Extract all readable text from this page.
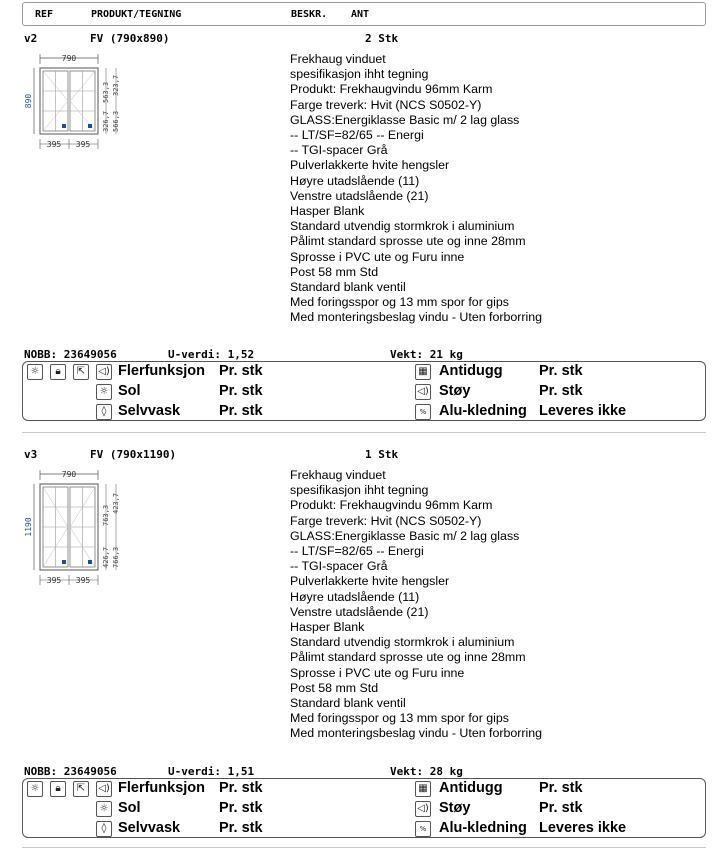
REF	PRODUKT/TEGNING	BESKR. ANT
v2	FV (790x890)	2 Stk
790
890
326,7
563,3
566,3
323,7
395 395
Frekhaug vinduet
spesifikasjon ihht tegning
Produkt: Frekhaugvindu 96mm Karm
Farge treverk: Hvit (NCS S0502-Y)
GLASS:Energiklasse Basic m/ 2 lag glass
-- LT/SF=82/65 -- Energi
-- TGI-spacer Grå
Pulverlakkerte hvite hengsler
Høyre utadslående (11)
Venstre utadslående (21)
Hasper Blank
Standard utvendig stormkrok i aluminium
Pålimt standard sprosse ute og inne 28mm
Sprosse i PVC ute og Furu inne
Post 58 mm Std
Standard blank ventil
Med foringsspor og 13 mm spor for gips
Med monteringsbeslag vindu - Uten forborring
NOBB: 23649056	U-verdi: 1,52	Vekt: 21 kg
☼	🔒︎	⇱	◁) Flerfunksjon Pr. stk	▦ Antidugg	Pr. stk
☼ Sol	Pr. stk	◁) Støy	Pr. stk
◊ Selvvask	Pr. stk	% Alu-kledning Leveres ikke
v3	FV (790x1190)	1 Stk
790
1190
426,7
763,3
766,3
423,7
395 395
Frekhaug vinduet
spesifikasjon ihht tegning
Produkt: Frekhaugvindu 96mm Karm
Farge treverk: Hvit (NCS S0502-Y)
GLASS:Energiklasse Basic m/ 2 lag glass
-- LT/SF=82/65 -- Energi
-- TGI-spacer Grå
Pulverlakkerte hvite hengsler
Høyre utadslående (11)
Venstre utadslående (21)
Hasper Blank
Standard utvendig stormkrok i aluminium
Pålimt standard sprosse ute og inne 28mm
Sprosse i PVC ute og Furu inne
Post 58 mm Std
Standard blank ventil
Med foringsspor og 13 mm spor for gips
Med monteringsbeslag vindu - Uten forborring
NOBB: 23649056	U-verdi: 1,51	Vekt: 28 kg
☼	🔒︎	⇱	◁) Flerfunksjon Pr. stk	▦ Antidugg	Pr. stk
☼ Sol	Pr. stk	◁) Støy	Pr. stk
◊ Selvvask	Pr. stk	% Alu-kledning Leveres ikke
